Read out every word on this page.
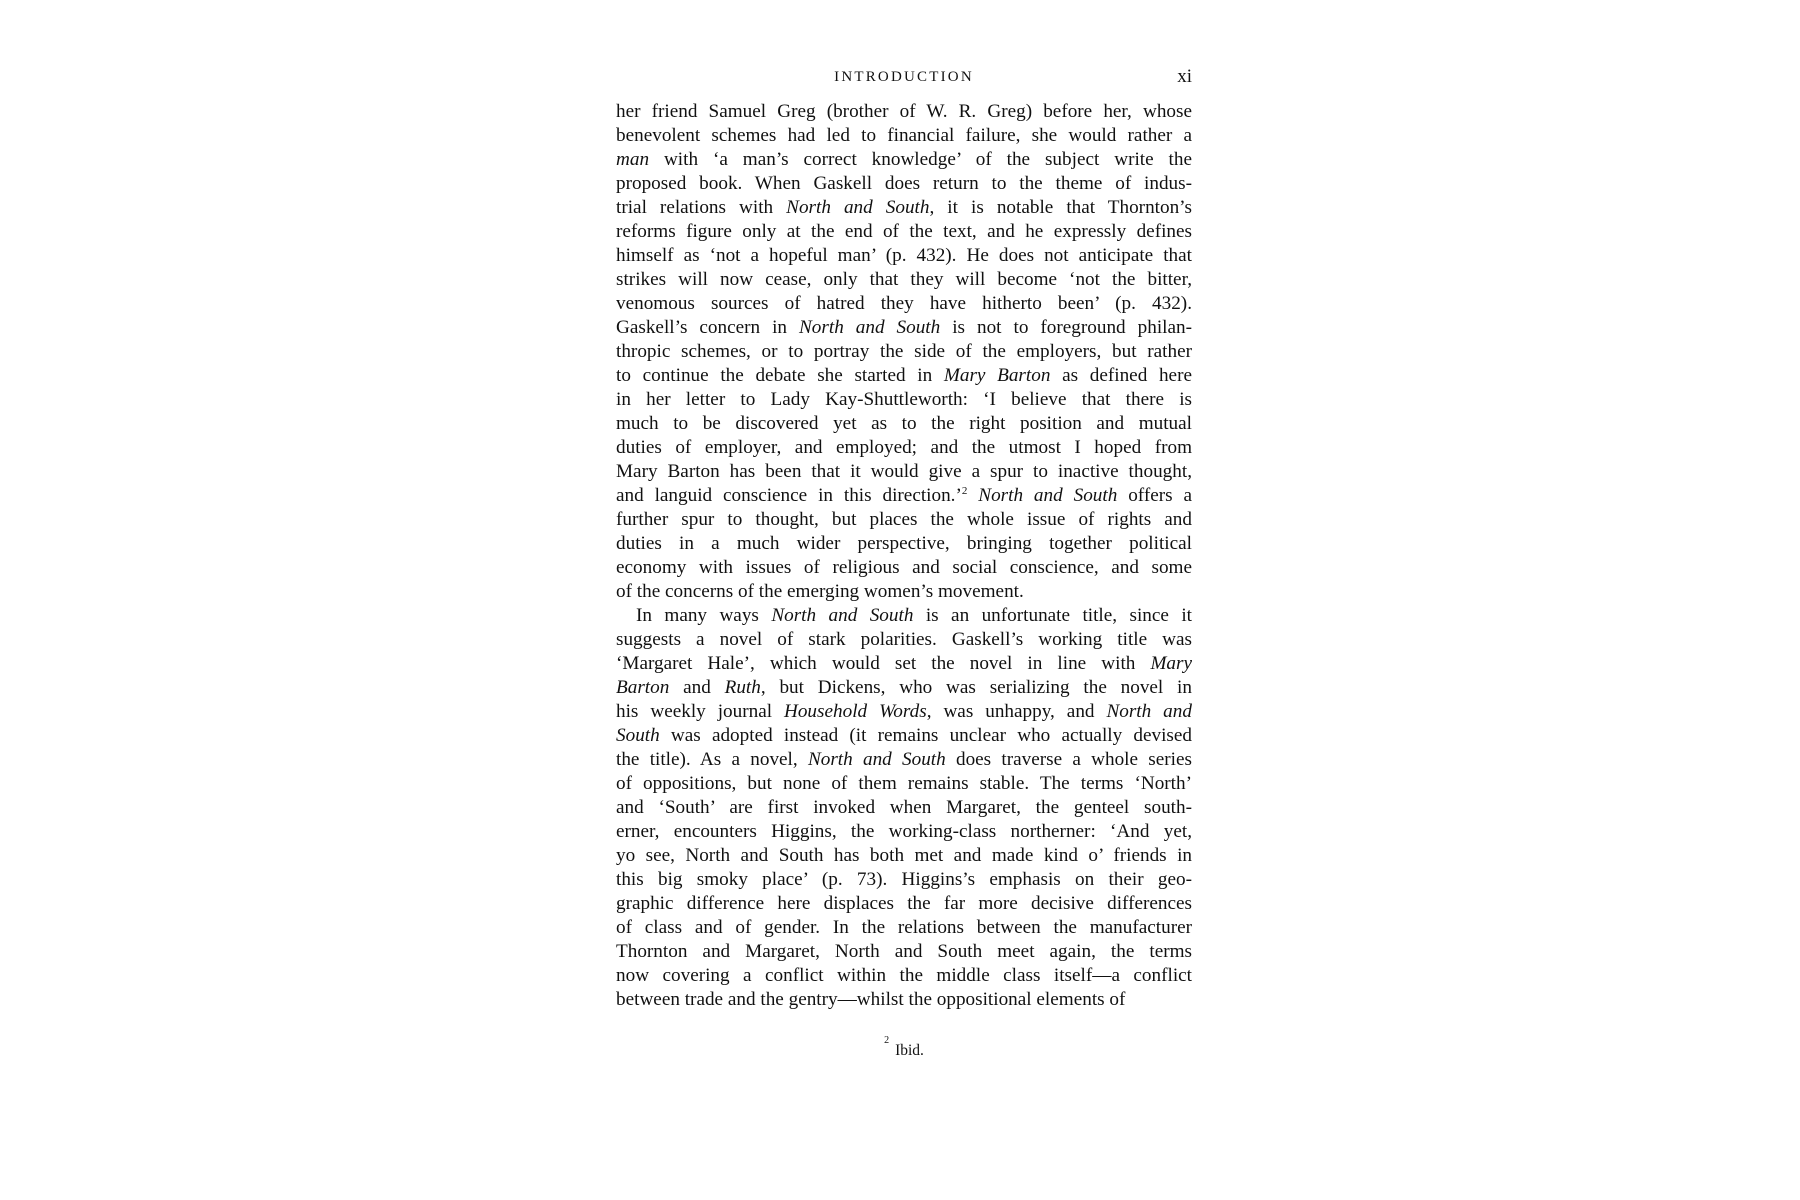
INTRODUCTION	xi
her friend Samuel Greg (brother of W. R. Greg) before her, whose
benevolent schemes had led to financial failure, she would rather a
man with ‘a man’s correct knowledge’ of the subject write the
proposed book. When Gaskell does return to the theme of indus-
trial relations with North and South, it is notable that Thornton’s
reforms figure only at the end of the text, and he expressly defines
himself as ‘not a hopeful man’ (p. 432). He does not anticipate that
strikes will now cease, only that they will become ‘not the bitter,
venomous sources of hatred they have hitherto been’ (p. 432).
Gaskell’s concern in North and South is not to foreground philan-
thropic schemes, or to portray the side of the employers, but rather
to continue the debate she started in Mary Barton as defined here
in her letter to Lady Kay-Shuttleworth: ‘I believe that there is
much to be discovered yet as to the right position and mutual
duties of employer, and employed; and the utmost I hoped from
Mary Barton has been that it would give a spur to inactive thought,
and languid conscience in this direction.’$^2$ North and South offers a
further spur to thought, but places the whole issue of rights and
duties in a much wider perspective, bringing together political
economy with issues of religious and social conscience, and some
of the concerns of the emerging women’s movement.
In many ways North and South is an unfortunate title, since it
suggests a novel of stark polarities. Gaskell’s working title was
‘Margaret Hale’, which would set the novel in line with Mary
Barton and Ruth, but Dickens, who was serializing the novel in
his weekly journal Household Words, was unhappy, and North and
South was adopted instead (it remains unclear who actually devised
the title). As a novel, North and South does traverse a whole series
of oppositions, but none of them remains stable. The terms ‘North’
and ‘South’ are first invoked when Margaret, the genteel south-
erner, encounters Higgins, the working-class northerner: ‘And yet,
yo see, North and South has both met and made kind o’ friends in
this big smoky place’ (p. 73). Higgins’s emphasis on their geo-
graphic difference here displaces the far more decisive differences
of class and of gender. In the relations between the manufacturer
Thornton and Margaret, North and South meet again, the terms
now covering a conflict within the middle class itself—a conflict
between trade and the gentry—whilst the oppositional elements of
$^2$Ibid.
